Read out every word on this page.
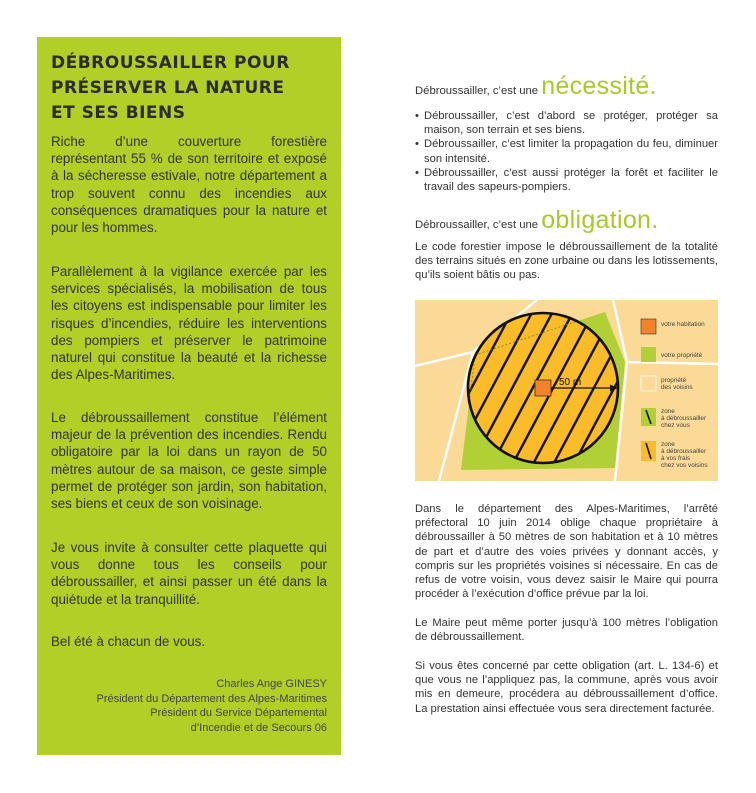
DÉBROUSSAILLER POUR
PRÉSERVER LA NATURE
ET SES BIENS

Riche d’une couverture forestière représentant 55 % de son territoire et exposé à la sécheresse estivale, notre département a trop souvent connu des incendies aux conséquences dramatiques pour la nature et pour les hommes.

Parallèlement à la vigilance exercée par les services spécialisés, la mobilisation de tous les citoyens est indispensable pour limiter les risques d’incendies, réduire les interventions des pompiers et préserver le patrimoine naturel qui constitue la beauté et la richesse des Alpes-Maritimes.

Le débroussaillement constitue l’élément majeur de la prévention des incendies. Rendu obligatoire par la loi dans un rayon de 50 mètres autour de sa maison, ce geste simple permet de protéger son jardin, son habitation, ses biens et ceux de son voisinage.

Je vous invite à consulter cette plaquette qui vous donne tous les conseils pour débroussailler, et ainsi passer un été dans la quiétude et la tranquillité.

Bel été à chacun de vous.

Charles Ange GINESY
Président du Département des Alpes-Maritimes
Président du Service Départemental
d’Incendie et de Secours 06
Débroussailler, c’est une nécessité.
• Débroussailler, c’est d’abord se protéger, protéger sa maison, son terrain et ses biens.
• Débroussailler, c’est limiter la propagation du feu, diminuer son intensité.
• Débroussailler, c’est aussi protéger la forêt et faciliter le travail des sapeurs-pompiers.
Débroussailler, c’est une obligation.

Le code forestier impose le débroussaillement de la totalité des terrains situés en zone urbaine ou dans les lotissements, qu’ils soient bâtis ou pas.

50 m
votre habitation
votre propriété
propriété
des voisins
zone
à débroussailler
chez vous
zone
à débroussailler
à vos frais
chez vos voisins

Dans le département des Alpes-Maritimes, l’arrêté préfectoral 10 juin 2014 oblige chaque propriétaire à débroussailler à 50 mètres de son habitation et à 10 mètres de part et d’autre des voies privées y donnant accès, y compris sur les propriétés voisines si nécessaire. En cas de refus de votre voisin, vous devez saisir le Maire qui pourra procéder à l’exécution d’office prévue par la loi.

Le Maire peut même porter jusqu’à 100 mètres l’obligation de débroussaillement.

Si vous êtes concerné par cette obligation (art. L. 134-6) et que vous ne l’appliquez pas, la commune, après vous avoir mis en demeure, procédera au débroussaillement d’office. La prestation ainsi effectuée vous sera directement facturée.
